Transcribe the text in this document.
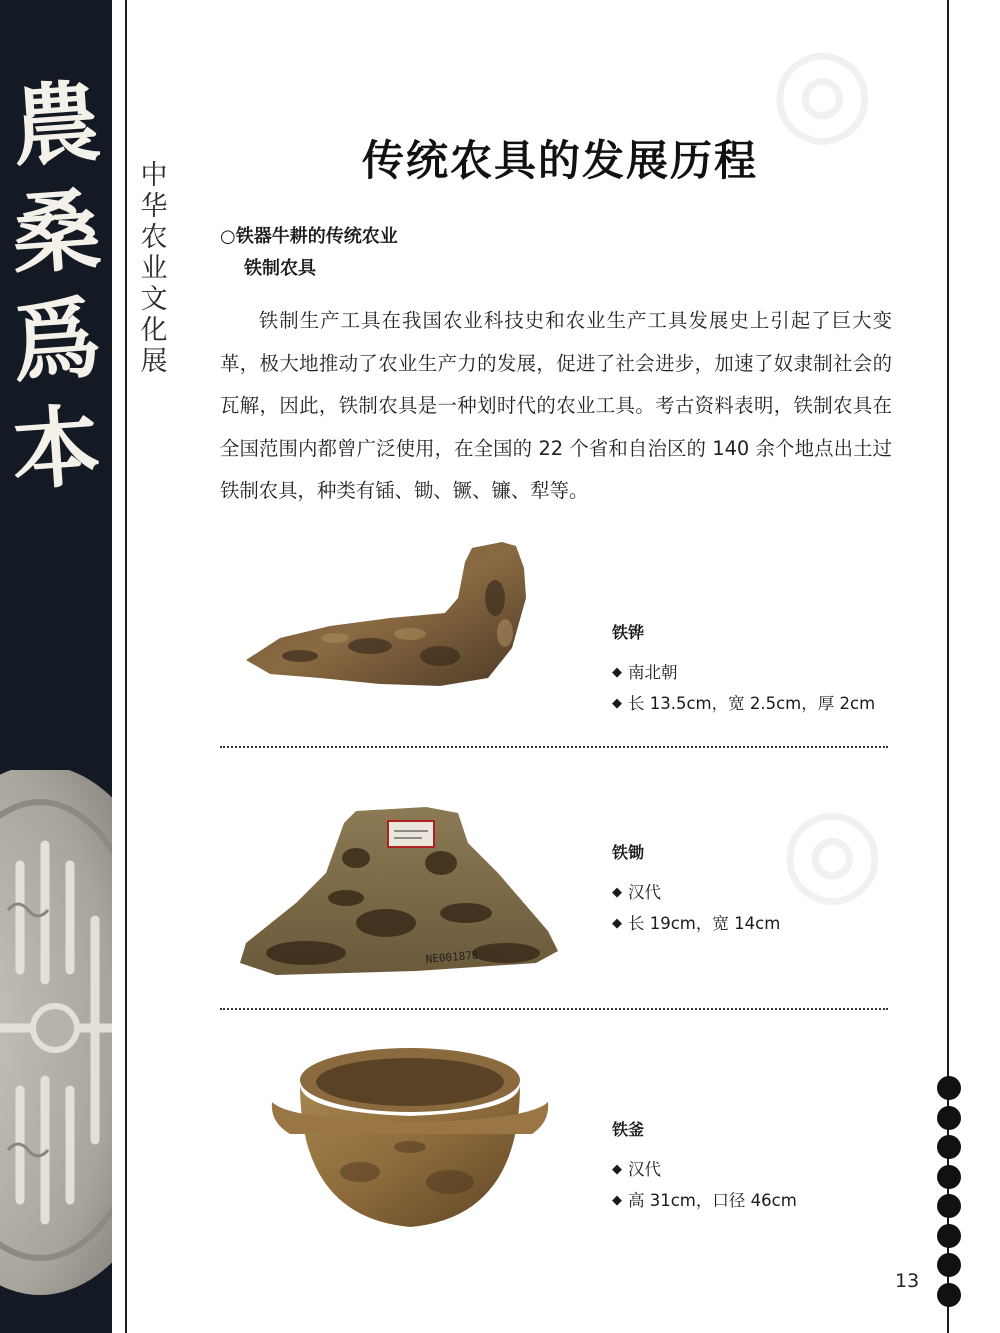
農
桑
爲
本
◎
◎
中
华
农
业
文
化
展
传统农具的发展历程
○铁器牛耕的传统农业
铁制农具
铁制生产工具在我国农业科技史和农业生产工具发展史上引起了巨大变革，极大地推动了农业生产力的发展，促进了社会进步，加速了奴隶制社会的瓦解，因此，铁制农具是一种划时代的农业工具。考古资料表明，铁制农具在全国范围内都曾广泛使用，在全国的 22 个省和自治区的 140 余个地点出土过铁制农具，种类有锸、锄、镢、镰、犁等。
铁铧
◆ 南北朝
◆ 长 13.5cm，宽 2.5cm，厚 2cm
NE001878
铁锄
◆ 汉代
◆ 长 19cm，宽 14cm
铁釜
◆ 汉代
◆ 高 31cm，口径 46cm
13
